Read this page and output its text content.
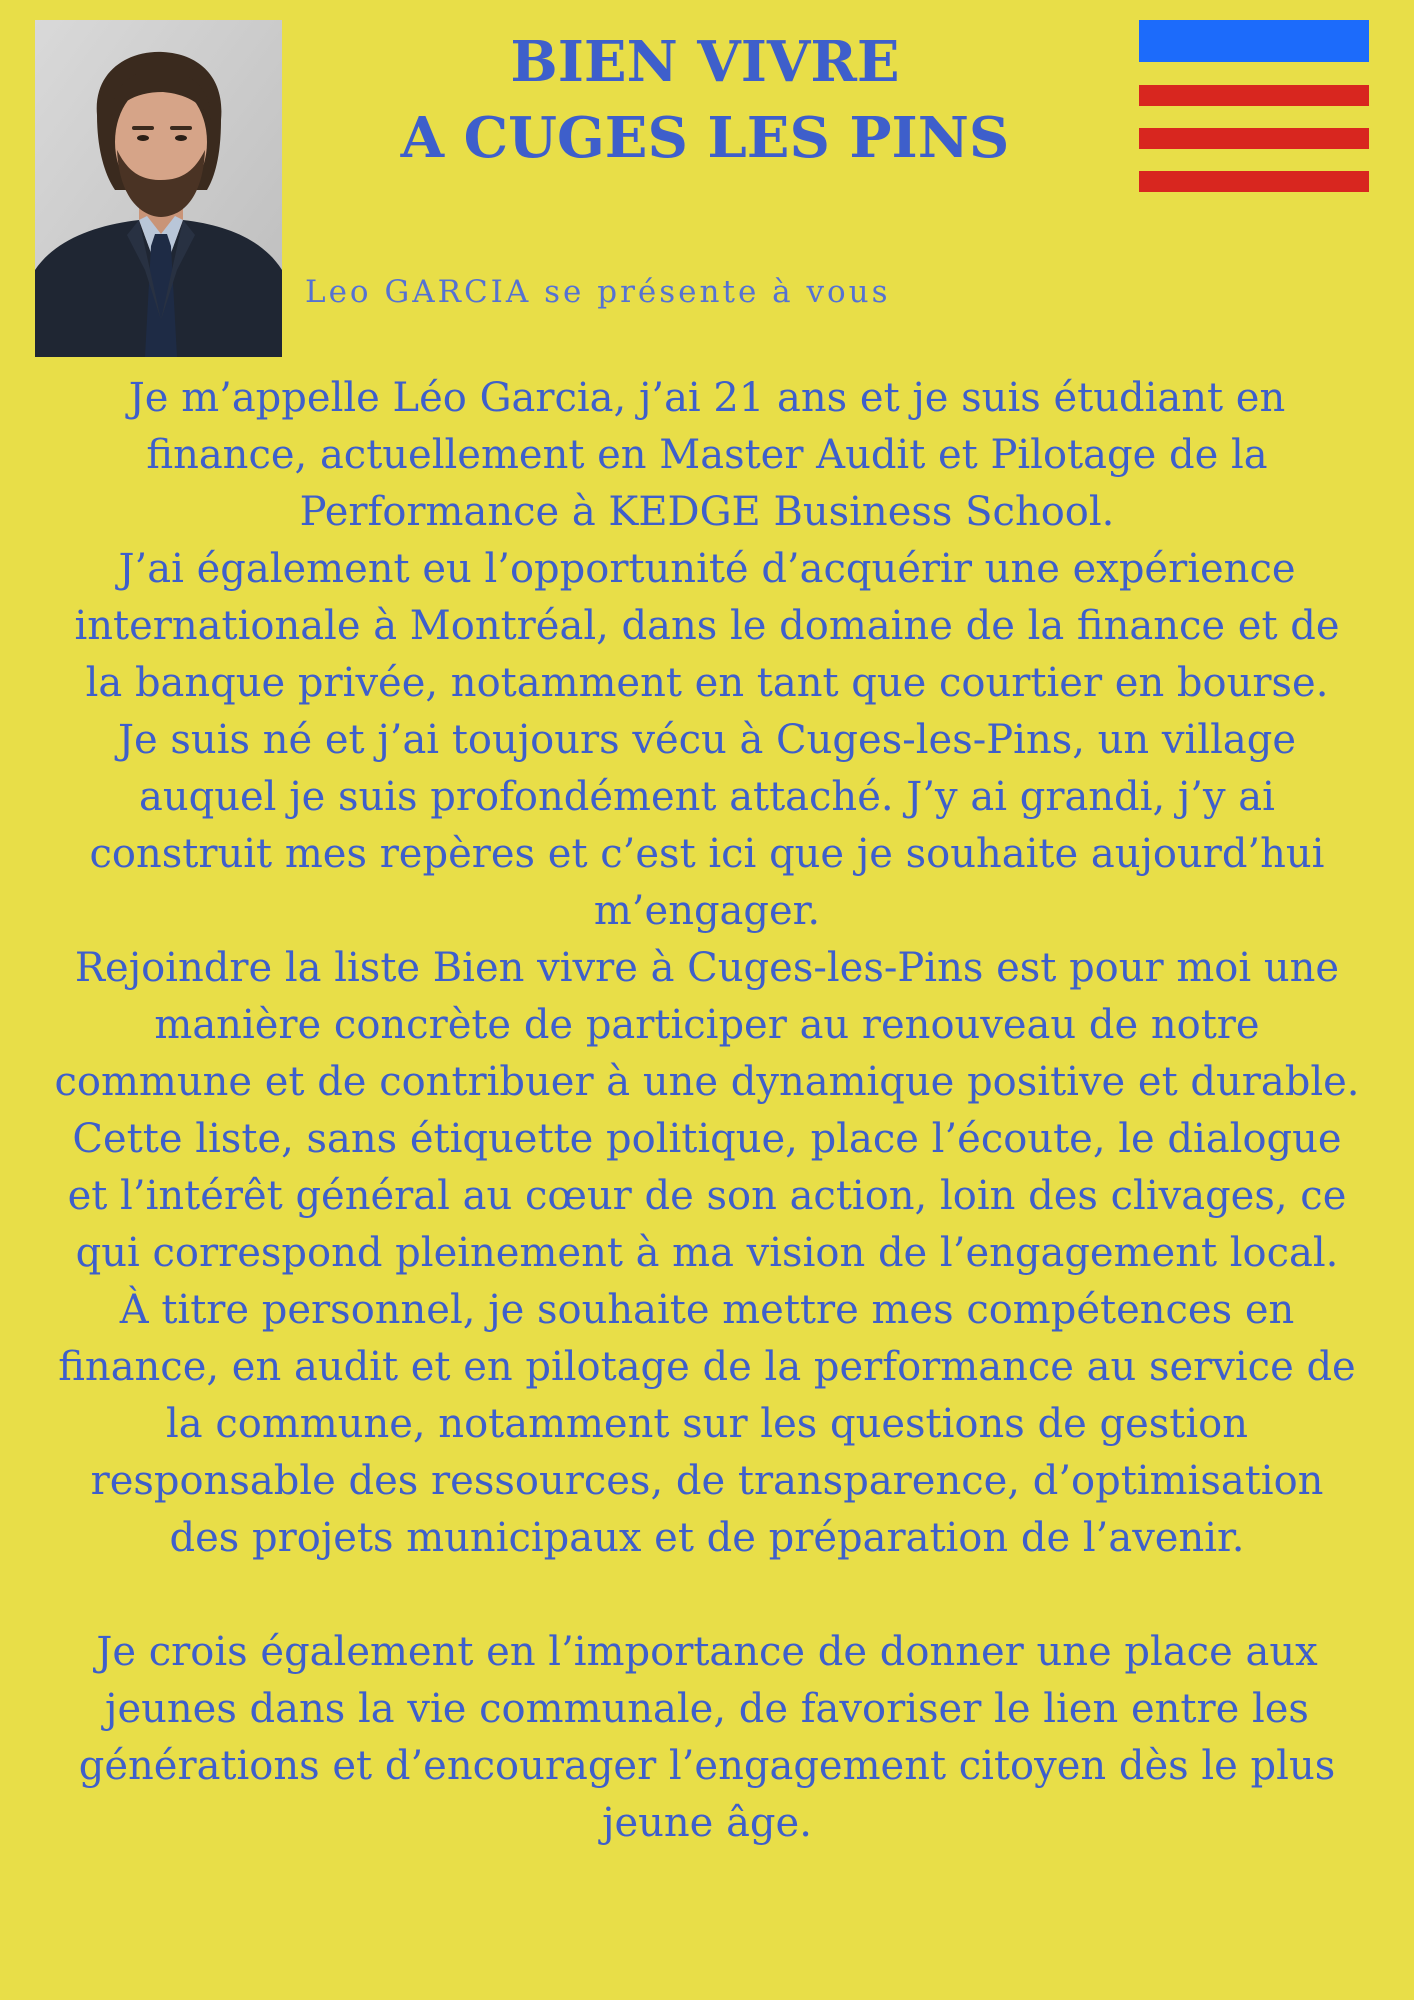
BIEN VIVRE
A CUGES LES PINS

Leo GARCIA se présente à vous

Je m’appelle Léo Garcia, j’ai 21 ans et je suis étudiant en finance, actuellement en Master Audit et Pilotage de la Performance à KEDGE Business School.

J’ai également eu l’opportunité d’acquérir une expérience internationale à Montréal, dans le domaine de la finance et de la banque privée, notamment en tant que courtier en bourse.

Je suis né et j’ai toujours vécu à Cuges-les-Pins, un village auquel je suis profondément attaché. J’y ai grandi, j’y ai construit mes repères et c’est ici que je souhaite aujourd’hui m’engager.

Rejoindre la liste Bien vivre à Cuges-les-Pins est pour moi une manière concrète de participer au renouveau de notre commune et de contribuer à une dynamique positive et durable. Cette liste, sans étiquette politique, place l’écoute, le dialogue et l’intérêt général au cœur de son action, loin des clivages, ce qui correspond pleinement à ma vision de l’engagement local.

À titre personnel, je souhaite mettre mes compétences en finance, en audit et en pilotage de la performance au service de la commune, notamment sur les questions de gestion responsable des ressources, de transparence, d’optimisation des projets municipaux et de préparation de l’avenir.

Je crois également en l’importance de donner une place aux jeunes dans la vie communale, de favoriser le lien entre les générations et d’encourager l’engagement citoyen dès le plus jeune âge.
